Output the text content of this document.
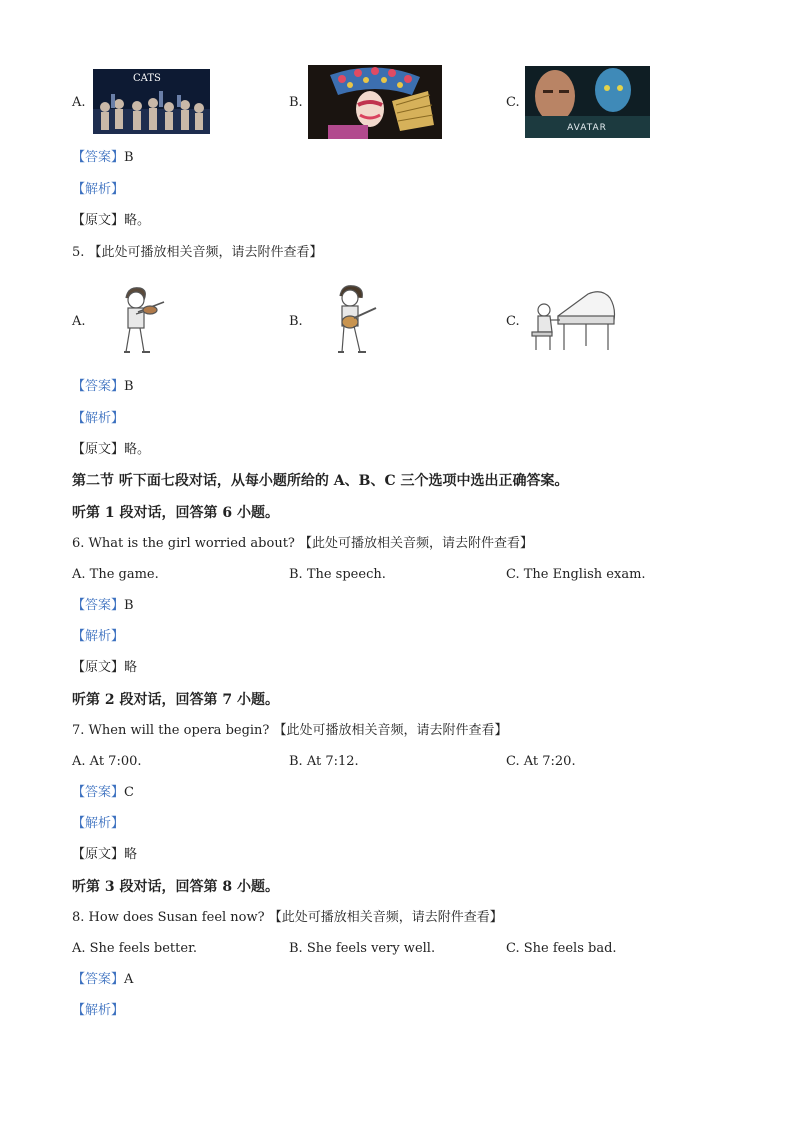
A.
CATS
B.	C.
AVATAR
【答案】B
【解析】
【原文】略。
5. 【此处可播放相关音频，请去附件查看】
A.	B.	C.
【答案】B
【解析】
【原文】略。
第二节 听下面七段对话，从每小题所给的 A、B、C 三个选项中选出正确答案。
听第 1 段对话，回答第 6 小题。
6. What is the girl worried about? 【此处可播放相关音频，请去附件查看】
A. The game.	B. The speech.	C. The English exam.
【答案】B
【解析】
【原文】略
听第 2 段对话，回答第 7 小题。
7. When will the opera begin? 【此处可播放相关音频，请去附件查看】
A. At 7:00.	B. At 7:12.	C. At 7:20.
【答案】C
【解析】
【原文】略
听第 3 段对话，回答第 8 小题。
8. How does Susan feel now? 【此处可播放相关音频，请去附件查看】
A. She feels better.	B. She feels very well.	C. She feels bad.
【答案】A
【解析】
